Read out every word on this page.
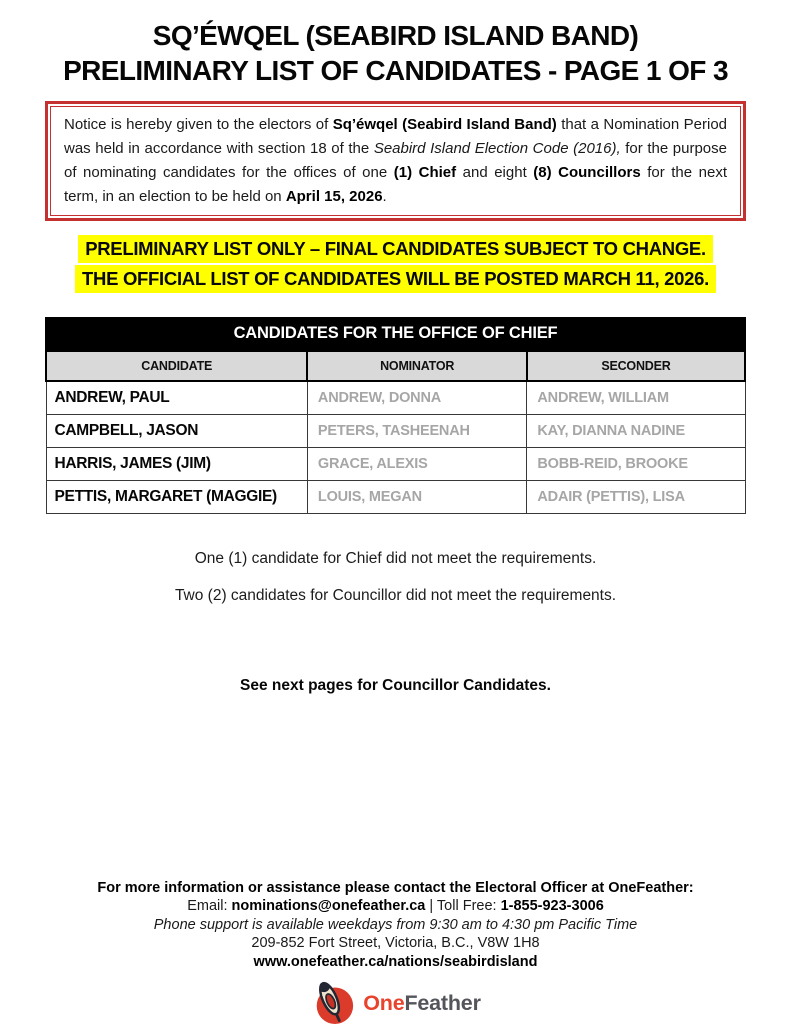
SQ’ÉWQEL (SEABIRD ISLAND BAND)
PRELIMINARY LIST OF CANDIDATES - PAGE 1 OF 3

Notice is hereby given to the electors of Sq’éwqel (Seabird Island Band) that a Nomination Period was held in accordance with section 18 of the Seabird Island Election Code (2016), for the purpose of nominating candidates for the offices of one (1) Chief and eight (8) Councillors for the next term, in an election to be held on April 15, 2026.

PRELIMINARY LIST ONLY – FINAL CANDIDATES SUBJECT TO CHANGE.
THE OFFICIAL LIST OF CANDIDATES WILL BE POSTED MARCH 11, 2026.
CANDIDATES FOR THE OFFICE OF CHIEF
CANDIDATE	NOMINATOR	SECONDER
ANDREW, PAUL	ANDREW, DONNA	ANDREW, WILLIAM
CAMPBELL, JASON	PETERS, TASHEENAH	KAY, DIANNA NADINE
HARRIS, JAMES (JIM)	GRACE, ALEXIS	BOBB-REID, BROOKE
PETTIS, MARGARET (MAGGIE)	LOUIS, MEGAN	ADAIR (PETTIS), LISA

One (1) candidate for Chief did not meet the requirements.

Two (2) candidates for Councillor did not meet the requirements.

See next pages for Councillor Candidates.

For more information or assistance please contact the Electoral Officer at OneFeather:

Email: nominations@onefeather.ca | Toll Free: 1-855-923-3006

Phone support is available weekdays from 9:30 am to 4:30 pm Pacific Time

209-852 Fort Street, Victoria, B.C., V8W 1H8

www.onefeather.ca/nations/seabirdisland

OneFeather
